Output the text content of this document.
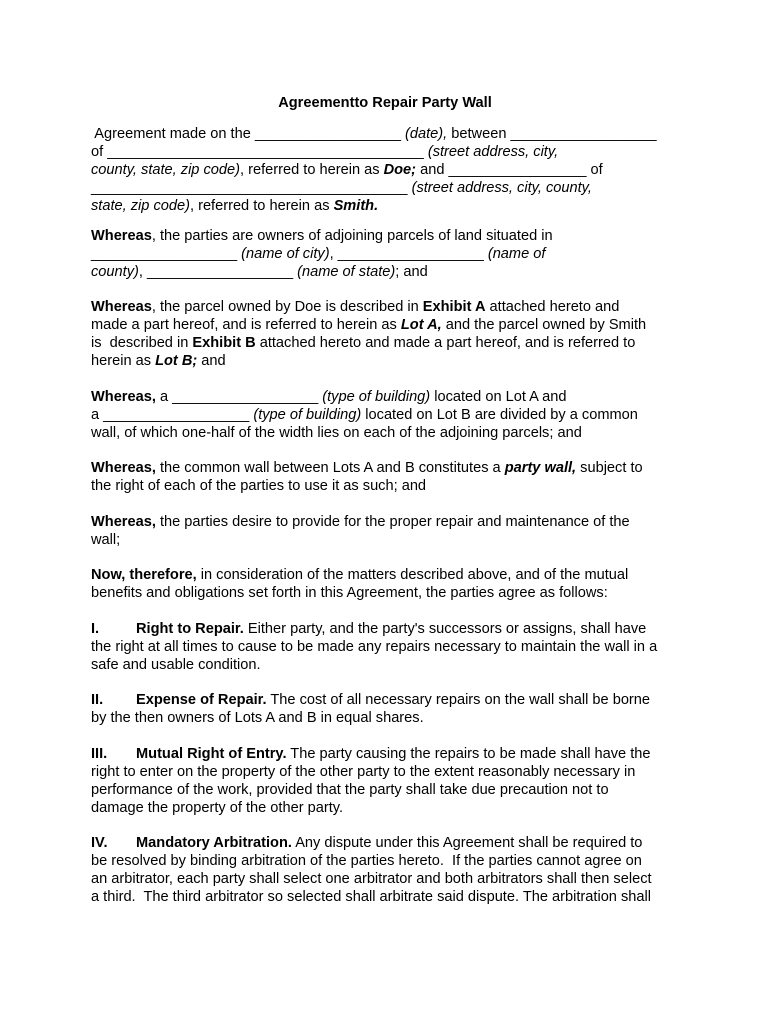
Agreementto Repair Party Wall
Agreement made on the __________________ (date), between __________________
of _______________________________________ (street address, city,
county, state, zip code), referred to herein as Doe; and _________________ of
_______________________________________ (street address, city, county,
state, zip code), referred to herein as Smith.
Whereas, the parties are owners of adjoining parcels of land situated in
__________________ (name of city), __________________ (name of
county), __________________ (name of state); and
Whereas, the parcel owned by Doe is described in Exhibit A attached hereto and
made a part hereof, and is referred to herein as Lot A, and the parcel owned by Smith
is  described in Exhibit B attached hereto and made a part hereof, and is referred to
herein as Lot B; and
Whereas, a __________________ (type of building) located on Lot A and
a __________________ (type of building) located on Lot B are divided by a common
wall, of which one-half of the width lies on each of the adjoining parcels; and
Whereas, the common wall between Lots A and B constitutes a party wall, subject to
the right of each of the parties to use it as such; and
Whereas, the parties desire to provide for the proper repair and maintenance of the
wall;
Now, therefore, in consideration of the matters described above, and of the mutual
benefits and obligations set forth in this Agreement, the parties agree as follows:
I.	Right to Repair. Either party, and the party's successors or assigns, shall have
the right at all times to cause to be made any repairs necessary to maintain the wall in a
safe and usable condition.
II. Expense of Repair. The cost of all necessary repairs on the wall shall be borne
by the then owners of Lots A and B in equal shares.
III. Mutual Right of Entry. The party causing the repairs to be made shall have the
right to enter on the property of the other party to the extent reasonably necessary in
performance of the work, provided that the party shall take due precaution not to
damage the property of the other party.
IV. Mandatory Arbitration. Any dispute under this Agreement shall be required to
be resolved by binding arbitration of the parties hereto.  If the parties cannot agree on
an arbitrator, each party shall select one arbitrator and both arbitrators shall then select
a third.  The third arbitrator so selected shall arbitrate said dispute. The arbitration shall
